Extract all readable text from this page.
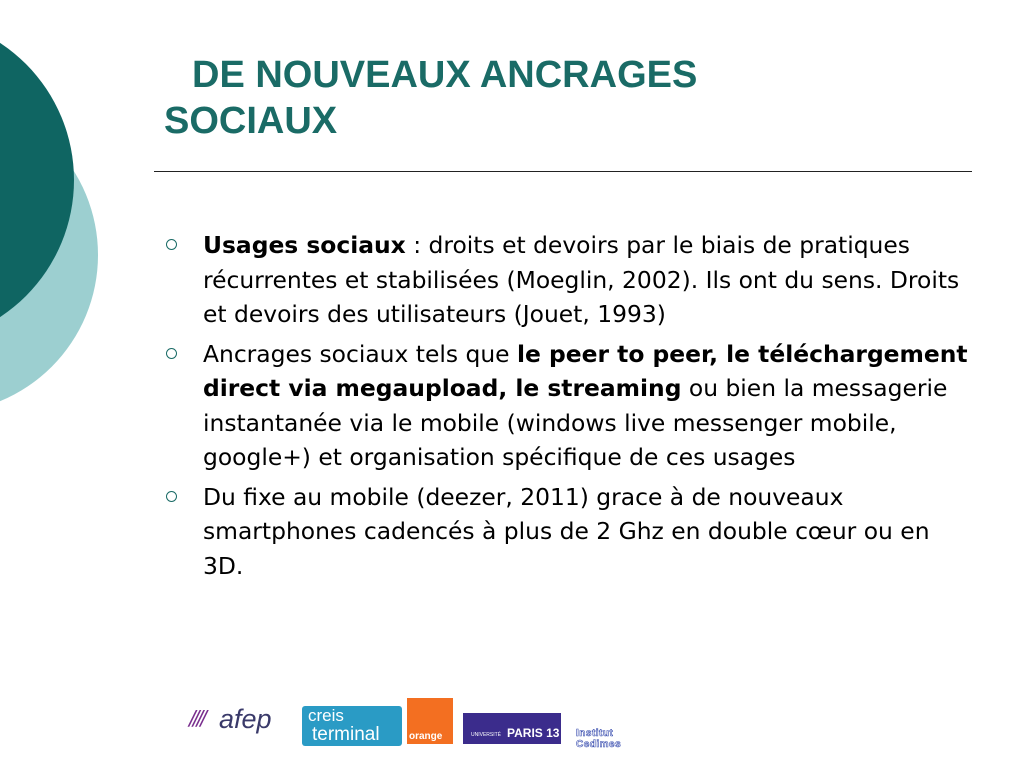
DE NOUVEAUX ANCRAGES
SOCIAUX
Usages sociaux : droits et devoirs par le biais de pratiques récurrentes et stabilisées (Moeglin, 2002). Ils ont du sens. Droits et devoirs des utilisateurs (Jouet, 1993)
Ancrages sociaux tels que le peer to peer, le téléchargement direct via megaupload, le streaming ou bien la messagerie instantanée via le mobile (windows live messenger mobile, google+) et organisation spécifique de ces usages
Du fixe au mobile (deezer, 2011) grace à de nouveaux smartphones cadencés à plus de 2 Ghz en double cœur ou en 3D.
//// afep creis
terminal	orange	UNIVERSITÉ PARIS 13 Institut Cedimes
